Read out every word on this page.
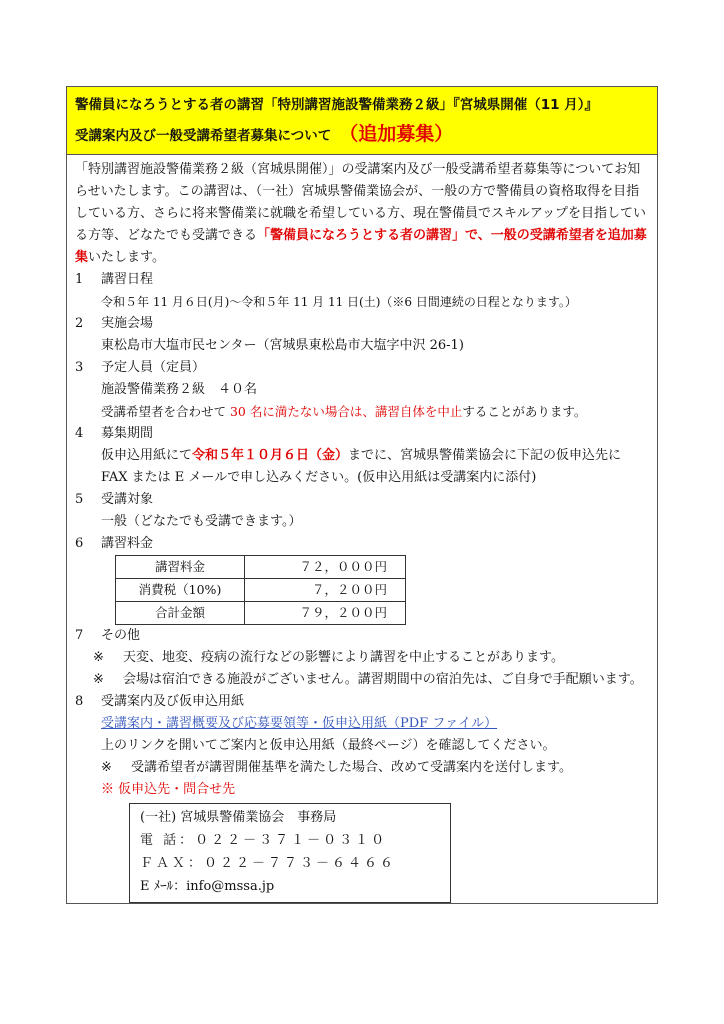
警備員になろうとする者の講習「特別講習施設警備業務２級」『宮城県開催（11 月）』
受講案内及び一般受講希望者募集について （追加募集）

「特別講習施設警備業務２級（宮城県開催）」の受講案内及び一般受講希望者募集等についてお知らせいたします。この講習は、（一社）宮城県警備業協会が、一般の方で警備員の資格取得を目指している方、さらに将来警備業に就職を希望している方、現在警備員でスキルアップを目指している方等、どなたでも受講できる「警備員になろうとする者の講習」で、一般の受講希望者を追加募集いたします。

1	講習日程
令和５年 11 月６日(月)～令和５年 11 月 11 日(土)（※6 日間連続の日程となります。）
2	実施会場
東松島市大塩市民センター（宮城県東松島市大塩字中沢 26-1)
3	予定人員（定員）
施設警備業務２級　４０名
受講希望者を合わせて 30 名に満たない場合は、講習自体を中止することがあります。
4	募集期間
仮申込用紙にて令和５年１０月６日（金）までに、宮城県警備業協会に下記の仮申込先に FAX または E メールで申し込みください。(仮申込用紙は受講案内に添付)
5	受講対象
一般（どなたでも受講できます。）
6	講習料金
講習料金	７２，０００円
消費税（10%)	７，２００円
合計金額	７９，２００円
7	その他
※	天変、地変、疫病の流行などの影響により講習を中止することがあります。
※	会場は宿泊できる施設がございません。講習期間中の宿泊先は、ご自身で手配願います。
8	受講案内及び仮申込用紙
受講案内・講習概要及び応募要領等・仮申込用紙（PDF ファイル）
上のリンクを開いてご案内と仮申込用紙（最終ページ）を確認してください。
※	受講希望者が講習開催基準を満たした場合、改めて受講案内を送付します。
※ 仮申込先・問合せ先
(一社) 宮城県警備業協会　事務局
電 話：０２２－３７１－０３１０
ＦＡＸ：０２２－７７３－６４６６
E ﾒｰﾙ：info@mssa.jp
